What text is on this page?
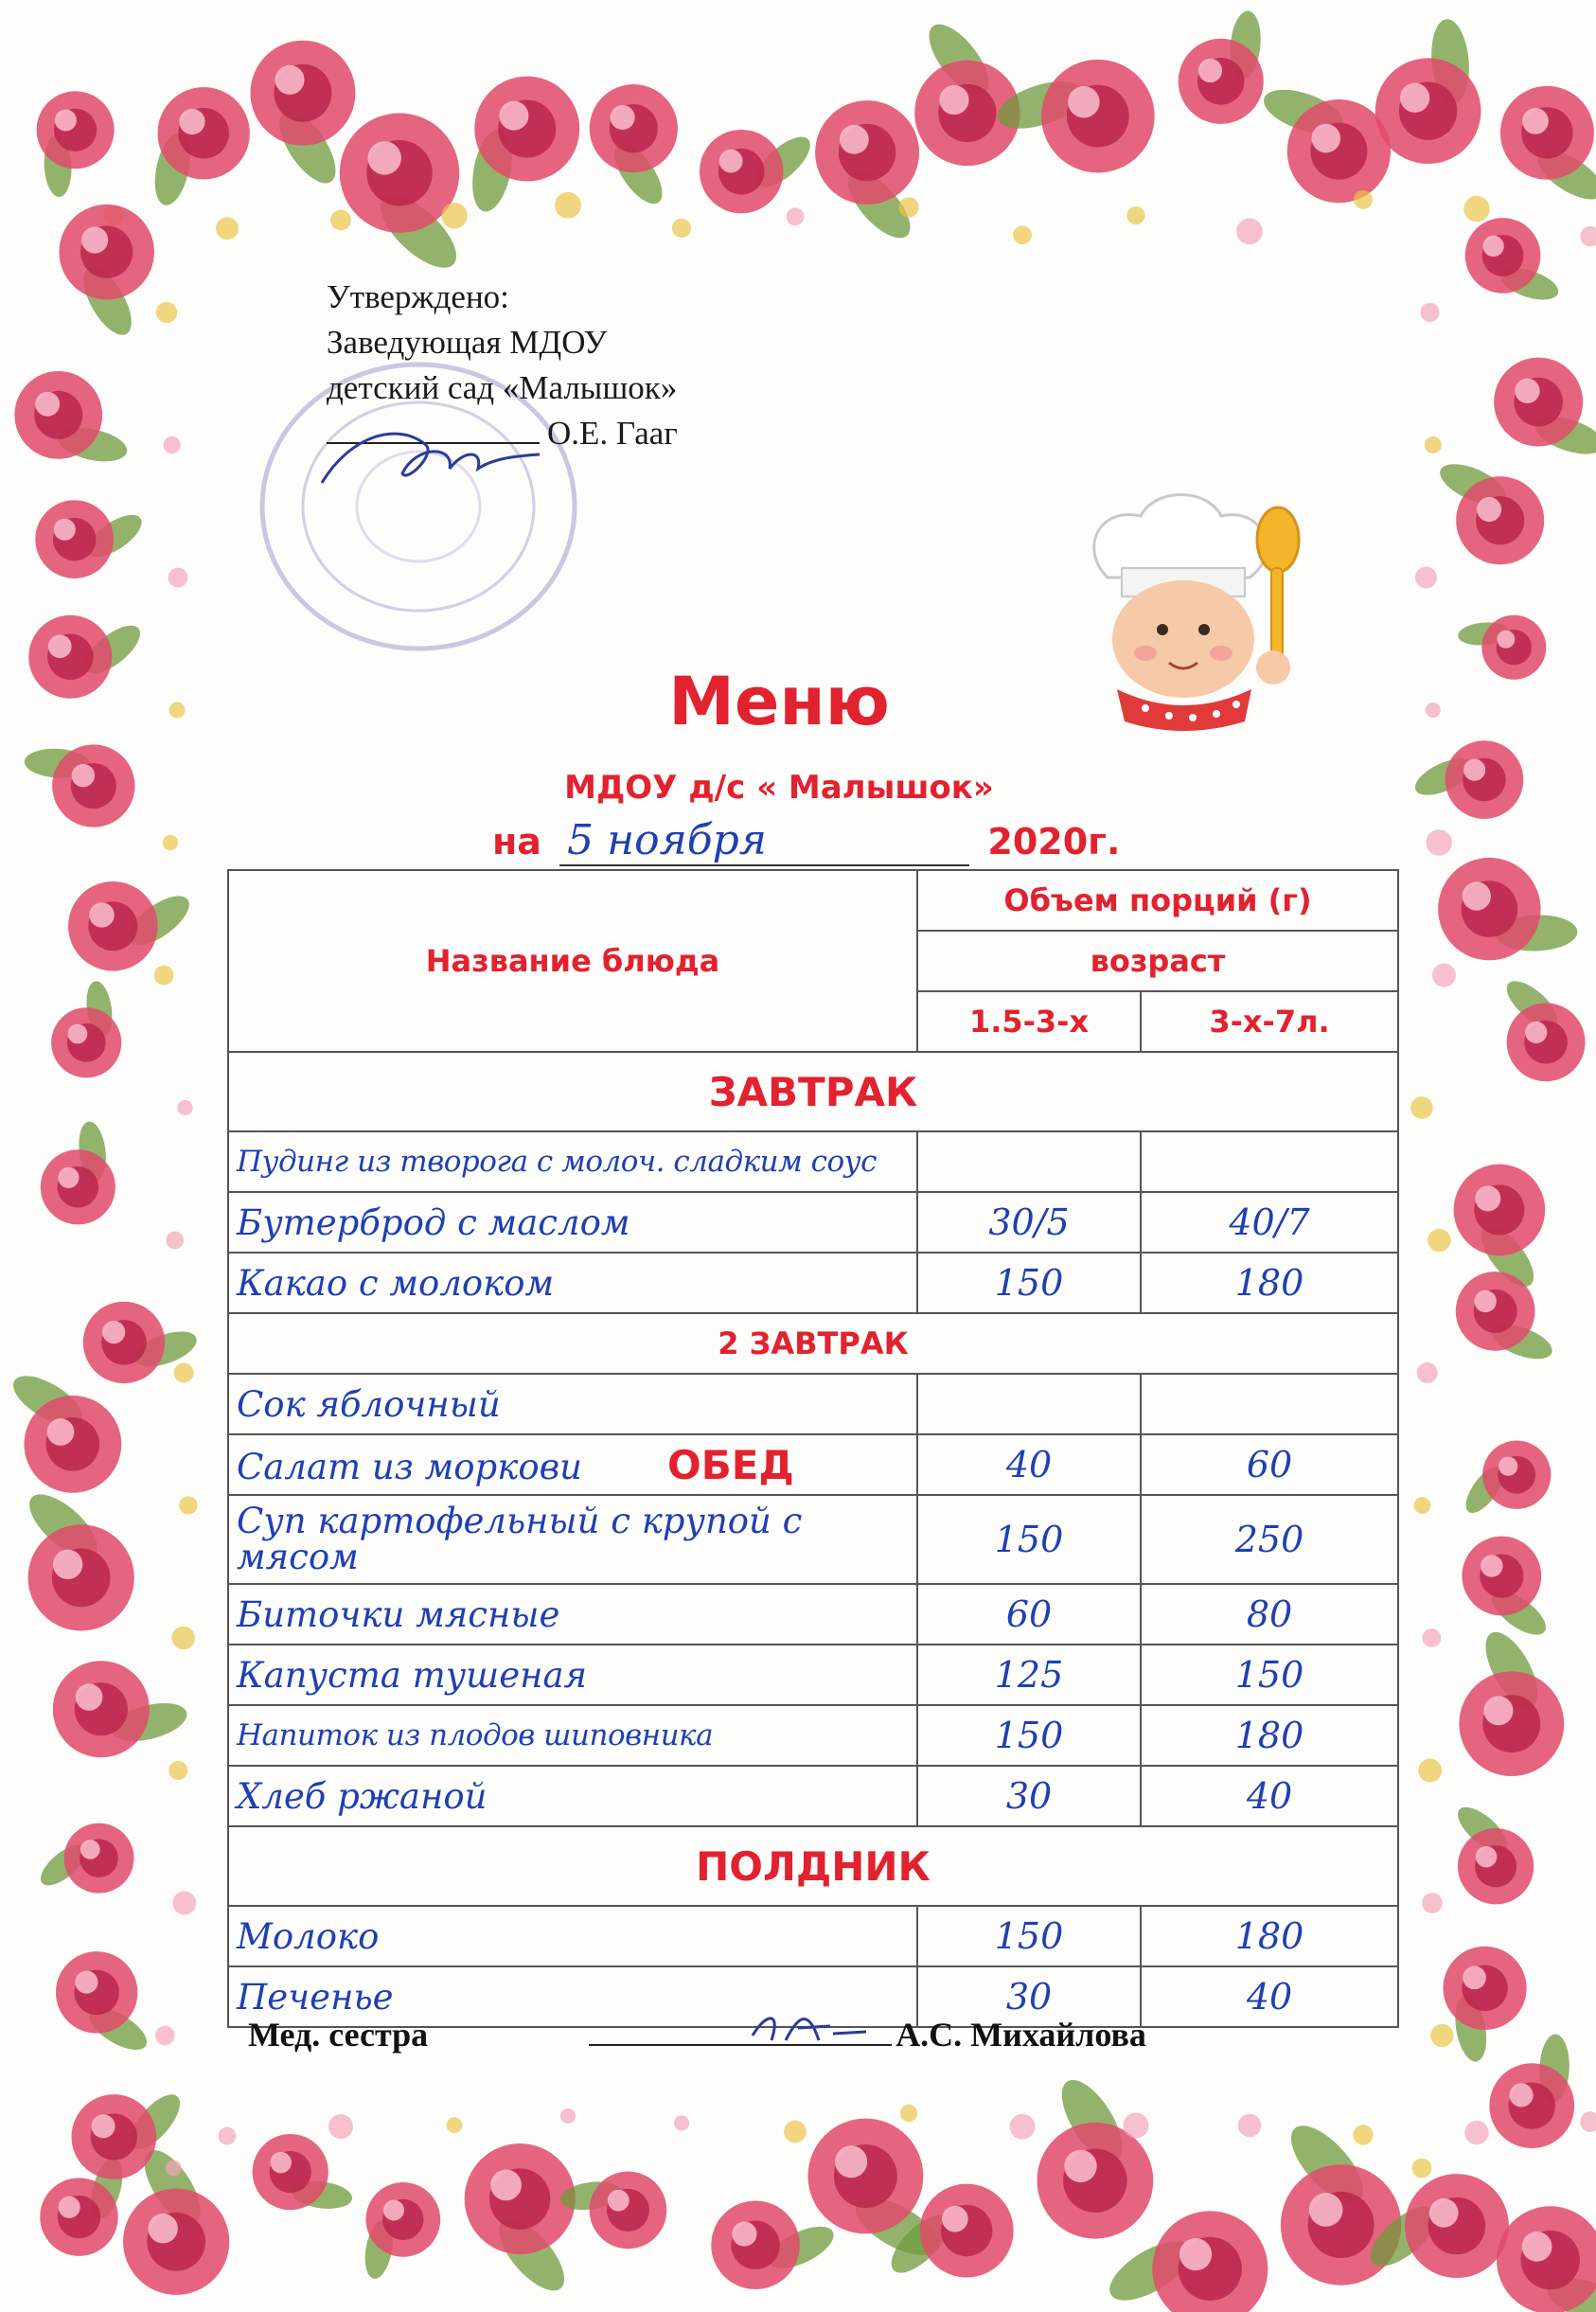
Утверждено:
Заведующая МДОУ
детский сад «Малышок»
О.Е. Гааг
Меню
МДОУ д/с « Малышок»
на 5 ноября	2020г.
Название блюда	Объем порций (г)	
	возраст	
	1.5-3-х	3-х-7л.
ЗАВТРАК		
Пудинг из творога с молоч. сладким соус		
Бутерброд с маслом	30/5	40/7
Какао с молоком	150	180
2 ЗАВТРАК		
Сок яблочный		
Салат из моркови ОБЕД	40	60
Суп картофельный с крупой с мясом	150	250
Биточки мясные	60	80
Капуста тушеная	125	150
Напиток из плодов шиповника	150	180
Хлеб ржаной	30	40
ПОЛДНИК		
Молоко	150	180
Печенье	30	40
Мед. сестра	А.С. Михайлова
